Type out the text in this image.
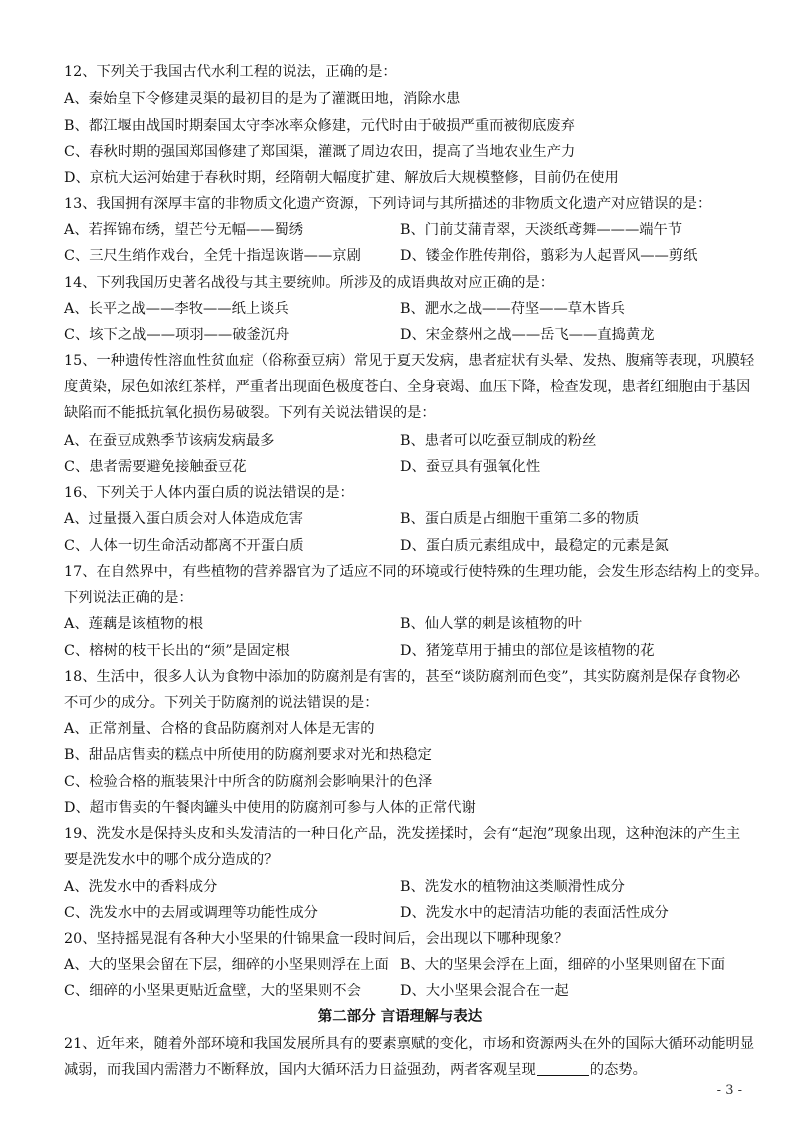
12、下列关于我国古代水利工程的说法，正确的是：
A、秦始皇下令修建灵渠的最初目的是为了灌溉田地，消除水患
B、都江堰由战国时期秦国太守李冰率众修建，元代时由于破损严重而被彻底废弃
C、春秋时期的强国郑国修建了郑国渠，灌溉了周边农田，提高了当地农业生产力
D、京杭大运河始建于春秋时期，经隋朝大幅度扩建、解放后大规模整修，目前仍在使用
13、我国拥有深厚丰富的非物质文化遗产资源，下列诗词与其所描述的非物质文化遗产对应错误的是：
A、若挥锦布绣，望芒兮无幅——蜀绣	B、门前艾蒲青翠，天淡纸鸢舞———端午节
C、三尺生绡作戏台，全凭十指逞诙谐——京剧	D、镂金作胜传荆俗，翦彩为人起晋风——剪纸
14、下列我国历史著名战役与其主要统帅。所涉及的成语典故对应正确的是：
A、长平之战——李牧——纸上谈兵	B、淝水之战——苻坚——草木皆兵
C、垓下之战——项羽——破釜沉舟	D、宋金蔡州之战——岳飞——直捣黄龙
15、一种遗传性溶血性贫血症（俗称蚕豆病）常见于夏天发病，患者症状有头晕、发热、腹痛等表现，巩膜轻
度黄染，尿色如浓红茶样，严重者出现面色极度苍白、全身衰竭、血压下降，检查发现，患者红细胞由于基因
缺陷而不能抵抗氧化损伤易破裂。下列有关说法错误的是：
A、在蚕豆成熟季节该病发病最多	B、患者可以吃蚕豆制成的粉丝
C、患者需要避免接触蚕豆花	D、蚕豆具有强氧化性
16、下列关于人体内蛋白质的说法错误的是：
A、过量摄入蛋白质会对人体造成危害	B、蛋白质是占细胞干重第二多的物质
C、人体一切生命活动都离不开蛋白质	D、蛋白质元素组成中，最稳定的元素是氮
17、在自然界中，有些植物的营养器官为了适应不同的环境或行使特殊的生理功能，会发生形态结构上的变异。
下列说法正确的是：
A、莲藕是该植物的根	B、仙人掌的刺是该植物的叶
C、榕树的枝干长出的“须”是固定根	D、猪笼草用于捕虫的部位是该植物的花
18、生活中，很多人认为食物中添加的防腐剂是有害的，甚至“谈防腐剂而色变”，其实防腐剂是保存食物必
不可少的成分。下列关于防腐剂的说法错误的是：
A、正常剂量、合格的食品防腐剂对人体是无害的
B、甜品店售卖的糕点中所使用的防腐剂要求对光和热稳定
C、检验合格的瓶装果汁中所含的防腐剂会影响果汁的色泽
D、超市售卖的午餐肉罐头中使用的防腐剂可参与人体的正常代谢
19、洗发水是保持头皮和头发清洁的一种日化产品，洗发搓揉时，会有“起泡”现象出现，这种泡沫的产生主
要是洗发水中的哪个成分造成的？
A、洗发水中的香料成分	B、洗发水的植物油这类顺滑性成分
C、洗发水中的去屑或调理等功能性成分	D、洗发水中的起清洁功能的表面活性成分
20、坚持摇晃混有各种大小坚果的什锦果盒一段时间后，会出现以下哪种现象？
A、大的坚果会留在下层，细碎的小坚果则浮在上面 B、大的坚果会浮在上面，细碎的小坚果则留在下面
C、细碎的小坚果更贴近盒壁，大的坚果则不会	D、大小坚果会混合在一起
第二部分 言语理解与表达
21、近年来，随着外部环境和我国发展所具有的要素禀赋的变化，市场和资源两头在外的国际大循环动能明显
减弱，而我国内需潜力不断释放，国内大循环活力日益强劲，两者客观呈现	的态势。
- 3 -
